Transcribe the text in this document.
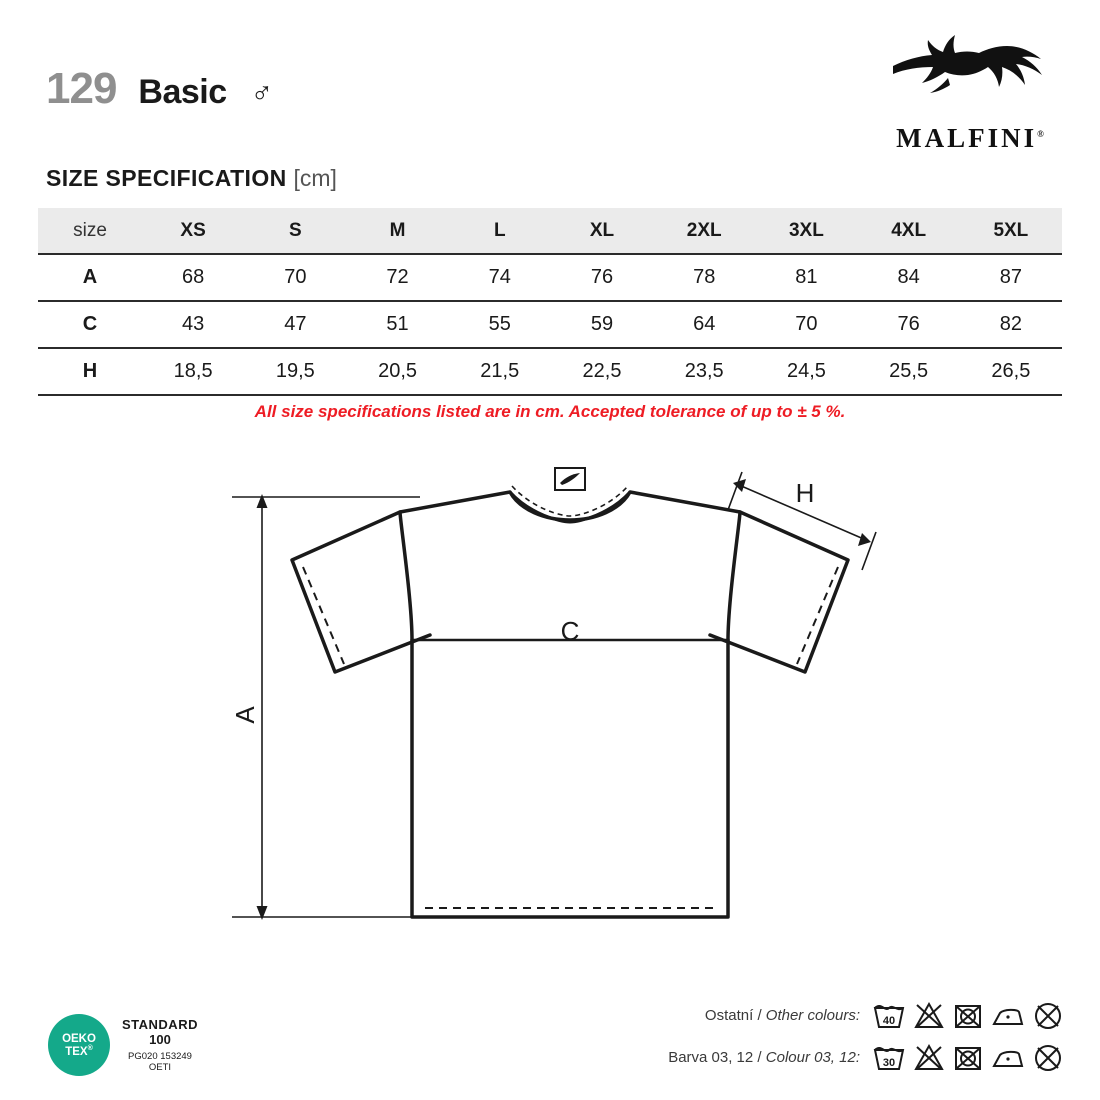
129 Basic ♂
MALFINI®
SIZE SPECIFICATION [cm]
size	XS	S	M	L	XL	2XL	3XL	4XL	5XL
A	68	70	72	74	76	78	81	84	87
C	43	47	51	55	59	64	70	76	82
H	18,5	19,5	20,5	21,5	22,5	23,5	24,5	25,5	26,5
All size specifications listed are in cm. Accepted tolerance of up to ± 5 %.
A
C
H
OEKO
TEX®
STANDARD
100
PG020 153249
OETI
Ostatní / Other colours: 40
Barva 03, 12 / Colour 03, 12: 30
